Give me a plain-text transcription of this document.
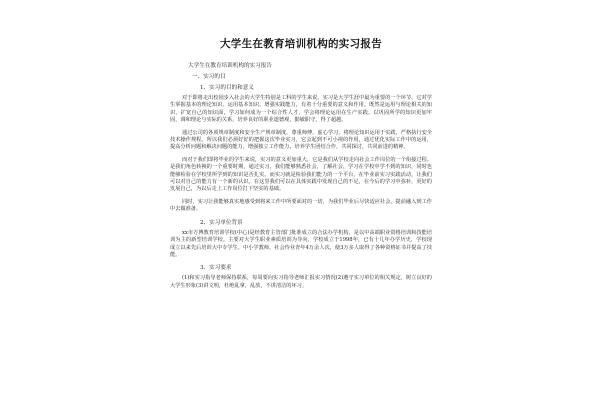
大学生在教育培训机构的实习报告
大学生在教育培训机构的实习报告
一、实习的目
1、实习的目的和意义

对于即将走出校园步入社会的大学生特别是工科的学生来说，实习是大学生涯中最为重要的一个环节，它对学生掌握基本的理论知识、运用基本知识、增强实践能力，有着十分重要的意义和作用。既然是运用与理论相关的知识，扩宽自己的知识面，学习如何成为一个综合性人才，学会将理论运用在生产实践。以巩固所学的知识更加牢固，调和理论与实际的关系，培养良好的职业道德观，勤敏职守，得了超越。

通过公司的各项规章制度和安全生产规章制度，尊重师傅，虚心学习，将理论知识运用于实践，严格执行安全技术操作规程。所以我们必须好好的把握这次毕业实习，它会起到不可小视的作用，通过优化实际工作中的运用，提高分析问题和解决问题的能力，增强独立工作能力，培养学生团结合作，共同探讨，共同前进的精神。

而对于我们即将毕业的学生来说，实习的意义更加重大，它是我们从学校走向社会工作岗位的一个衔接过程。是我们角色转换的一个重要时期，通过实习，我们能够熟悉社会，了解社会，学习在学校中学不到的知识，同时也能够检验在学校里所学到的知识是否扎实。而实习就是检验我们能力的一个平台，在毕业前实习实践活动，让我们可以对自己的能力有一个新的认识。在这里我们可以在具体实践中发现自己的不足，在今后的学习中弥补，更好的发展自己，为以后走上工作岗位打下坚实的基础。

同时，实习让我能够真实地感受到将来工作中所要面对的一切，为我们毕业后尽快适应社会，提前融入到工作中去做准备。

2、实习单位背景

xx市方博教育培训学校(中心)是经教育主管部门批准成立的合法办学机构，是以中高端职业资格培训和技能培训为主的新型培训学校。主要对大学生职业素质培训为导向，学校成立于1998年，已有十几年办学历史，学校现成立以来先后培训大中专学生、中小学教师、社会待业青年4万余人次，使3万多人取得了各种资格证书并提高了技能。

3、实习要求

(1)和实习指导老师保持联系，每周要向实习指导老师汇报实习情况(2)遵守实习单位的相关规定，树立良好的大学生形象(3)讲文明，杜绝乱拿，乱放，不讲清洁的坏习。
